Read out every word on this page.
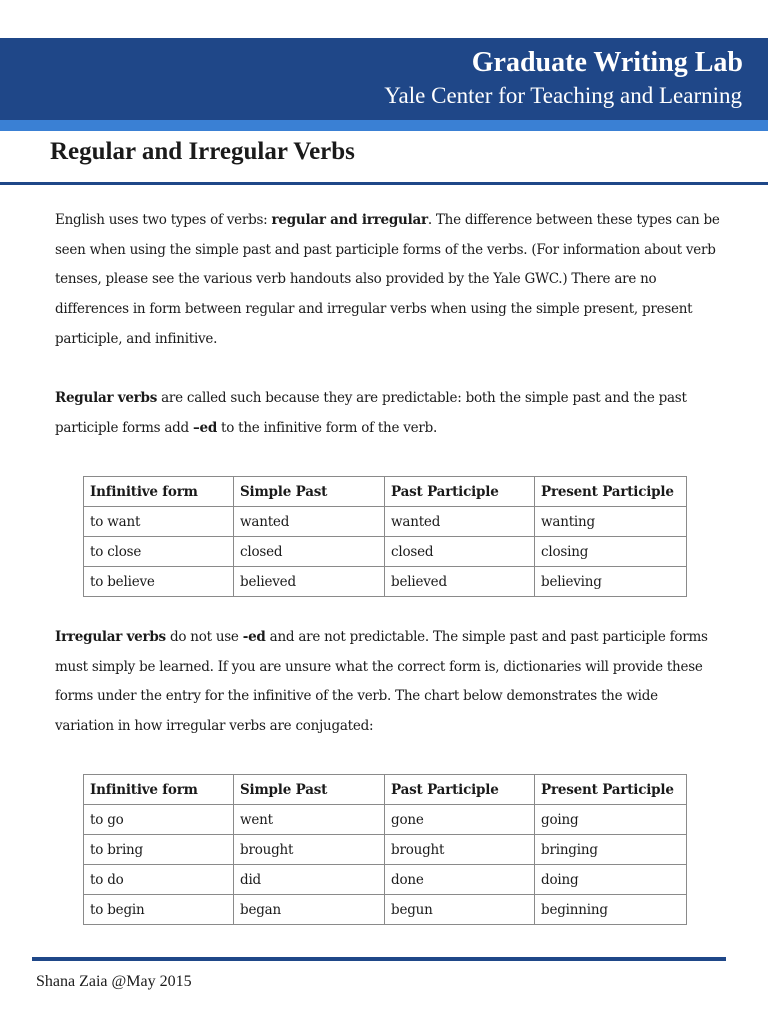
Graduate Writing Lab
Yale Center for Teaching and Learning
Regular and Irregular Verbs

English uses two types of verbs: regular and irregular. The difference between these types can be seen when using the simple past and past participle forms of the verbs. (For information about verb tenses, please see the various verb handouts also provided by the Yale GWC.) There are no differences in form between regular and irregular verbs when using the simple present, present participle, and infinitive.

Regular verbs are called such because they are predictable: both the simple past and the past participle forms add –ed to the infinitive form of the verb.

Infinitive form	Simple Past	Past Participle	Present Participle
to want	wanted	wanted	wanting
to close	closed	closed	closing
to believe	believed	believed	believing

Irregular verbs do not use -ed and are not predictable. The simple past and past participle forms must simply be learned. If you are unsure what the correct form is, dictionaries will provide these forms under the entry for the infinitive of the verb. The chart below demonstrates the wide variation in how irregular verbs are conjugated:

Infinitive form	Simple Past	Past Participle	Present Participle
to go	went	gone	going
to bring	brought	brought	bringing
to do	did	done	doing
to begin	began	begun	beginning
Shana Zaia @May 2015
